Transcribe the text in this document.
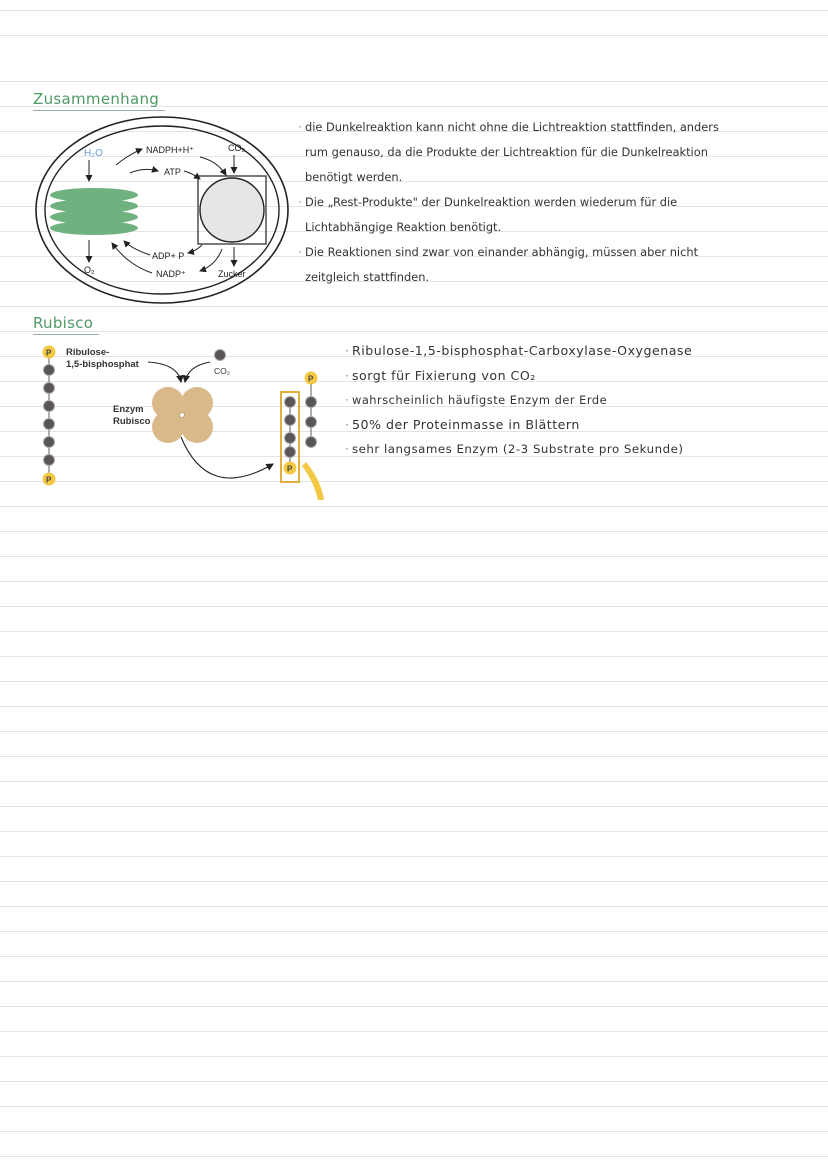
Zusammenhang
H₂O
O₂
NADPH+H⁺
ATP
CO₂
ADP+ P
NADP⁺	Zucker
· die Dunkelreaktion kann nicht ohne die Lichtreaktion stattfinden, anders
rum genauso, da die Produkte der Lichtreaktion für die Dunkelreaktion
benötigt werden.
· Die „Rest-Produkte" der Dunkelreaktion werden wiederum für die
Lichtabhängige Reaktion benötigt.
· Die Reaktionen sind zwar von einander abhängig, müssen aber nicht
zeitgleich stattfinden.
Rubisco
P
P
Ribulose-
1,5-bisphosphat
CO₂
Enzym
Rubisco
P
P
· Ribulose-1,5-bisphosphat-Carboxylase-Oxygenase
· sorgt für Fixierung von CO₂
· wahrscheinlich häufigste Enzym der Erde
· 50% der Proteinmasse in Blättern
· sehr langsames Enzym (2-3 Substrate pro Sekunde)
